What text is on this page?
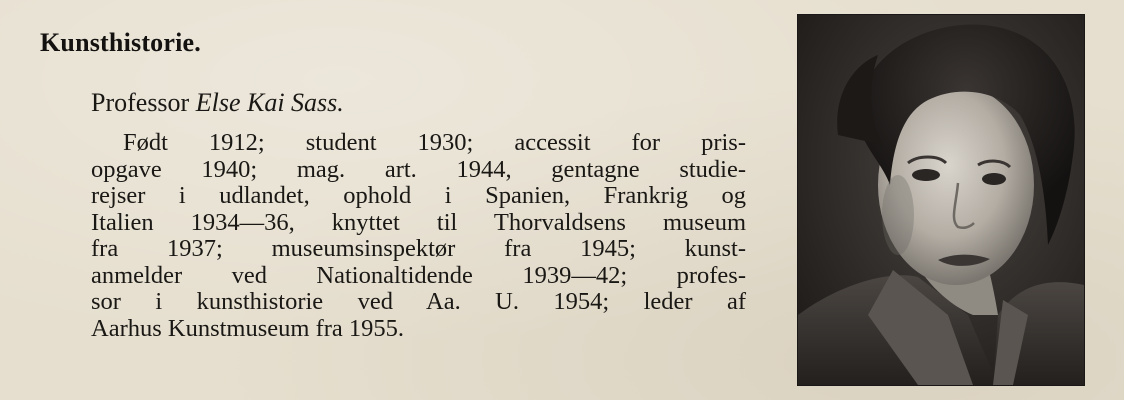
Kunsthistorie.

Professor Else Kai Sass.

Født 1912; student 1930; accessit for pris-
opgave 1940; mag. art. 1944, gentagne studie-
rejser i udlandet, ophold i Spanien, Frankrig og
Italien 1934—36, knyttet til Thorvaldsens museum
fra 1937; museumsinspektør fra 1945; kunst-
anmelder ved Nationaltidende 1939—42; profes-
sor i kunsthistorie ved Aa. U. 1954; leder af
Aarhus Kunstmuseum fra 1955.
